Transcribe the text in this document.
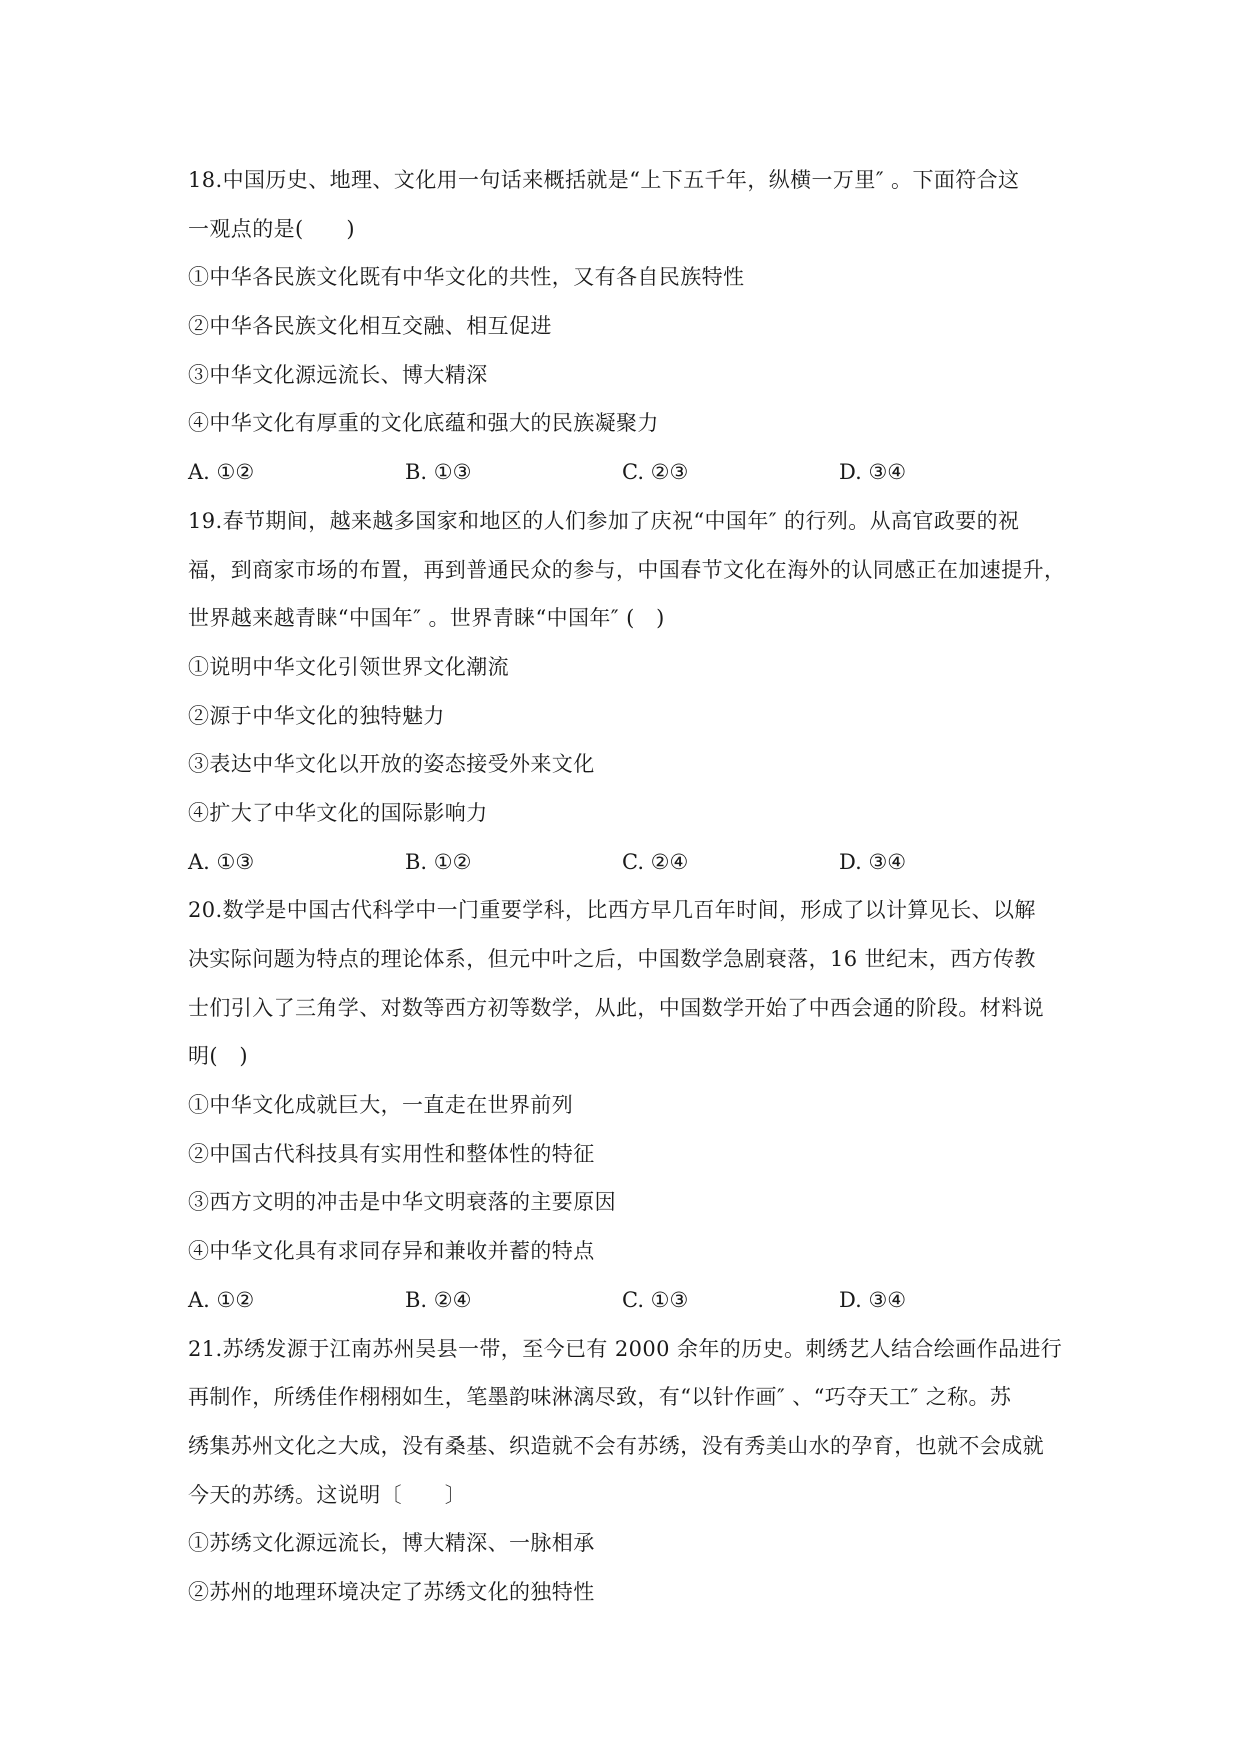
18.中国历史、地理、文化用一句话来概括就是“上下五千年，纵横一万里″ 。下面符合这
一观点的是(　　)
①中华各民族文化既有中华文化的共性，又有各自民族特性
②中华各民族文化相互交融、相互促进
③中华文化源远流长、博大精深
④中华文化有厚重的文化底蕴和强大的民族凝聚力
A. ①②	B. ①③	C. ②③	D. ③④
19.春节期间，越来越多国家和地区的人们参加了庆祝“中国年″ 的行列。从高官政要的祝
福，到商家市场的布置，再到普通民众的参与，中国春节文化在海外的认同感正在加速提升，
世界越来越青睐“中国年″ 。世界青睐“中国年″ (　)
①说明中华文化引领世界文化潮流
②源于中华文化的独特魅力
③表达中华文化以开放的姿态接受外来文化
④扩大了中华文化的国际影响力
A. ①③	B. ①②	C. ②④	D. ③④
20.数学是中国古代科学中一门重要学科，比西方早几百年时间，形成了以计算见长、以解
决实际问题为特点的理论体系，但元中叶之后，中国数学急剧衰落，16 世纪末，西方传教
士们引入了三角学、对数等西方初等数学，从此，中国数学开始了中西会通的阶段。材料说
明(　)
①中华文化成就巨大，一直走在世界前列
②中国古代科技具有实用性和整体性的特征
③西方文明的冲击是中华文明衰落的主要原因
④中华文化具有求同存异和兼收并蓄的特点
A. ①②	B. ②④	C. ①③	D. ③④
21.苏绣发源于江南苏州吴县一带，至今已有 2000 余年的历史。刺绣艺人结合绘画作品进行
再制作，所绣佳作栩栩如生，笔墨韵味淋漓尽致，有“以针作画″ 、“巧夺天工″ 之称。苏
绣集苏州文化之大成，没有桑基、织造就不会有苏绣，没有秀美山水的孕育，也就不会成就
今天的苏绣。这说明〔　　〕
①苏绣文化源远流长，博大精深、一脉相承
②苏州的地理环境决定了苏绣文化的独特性
